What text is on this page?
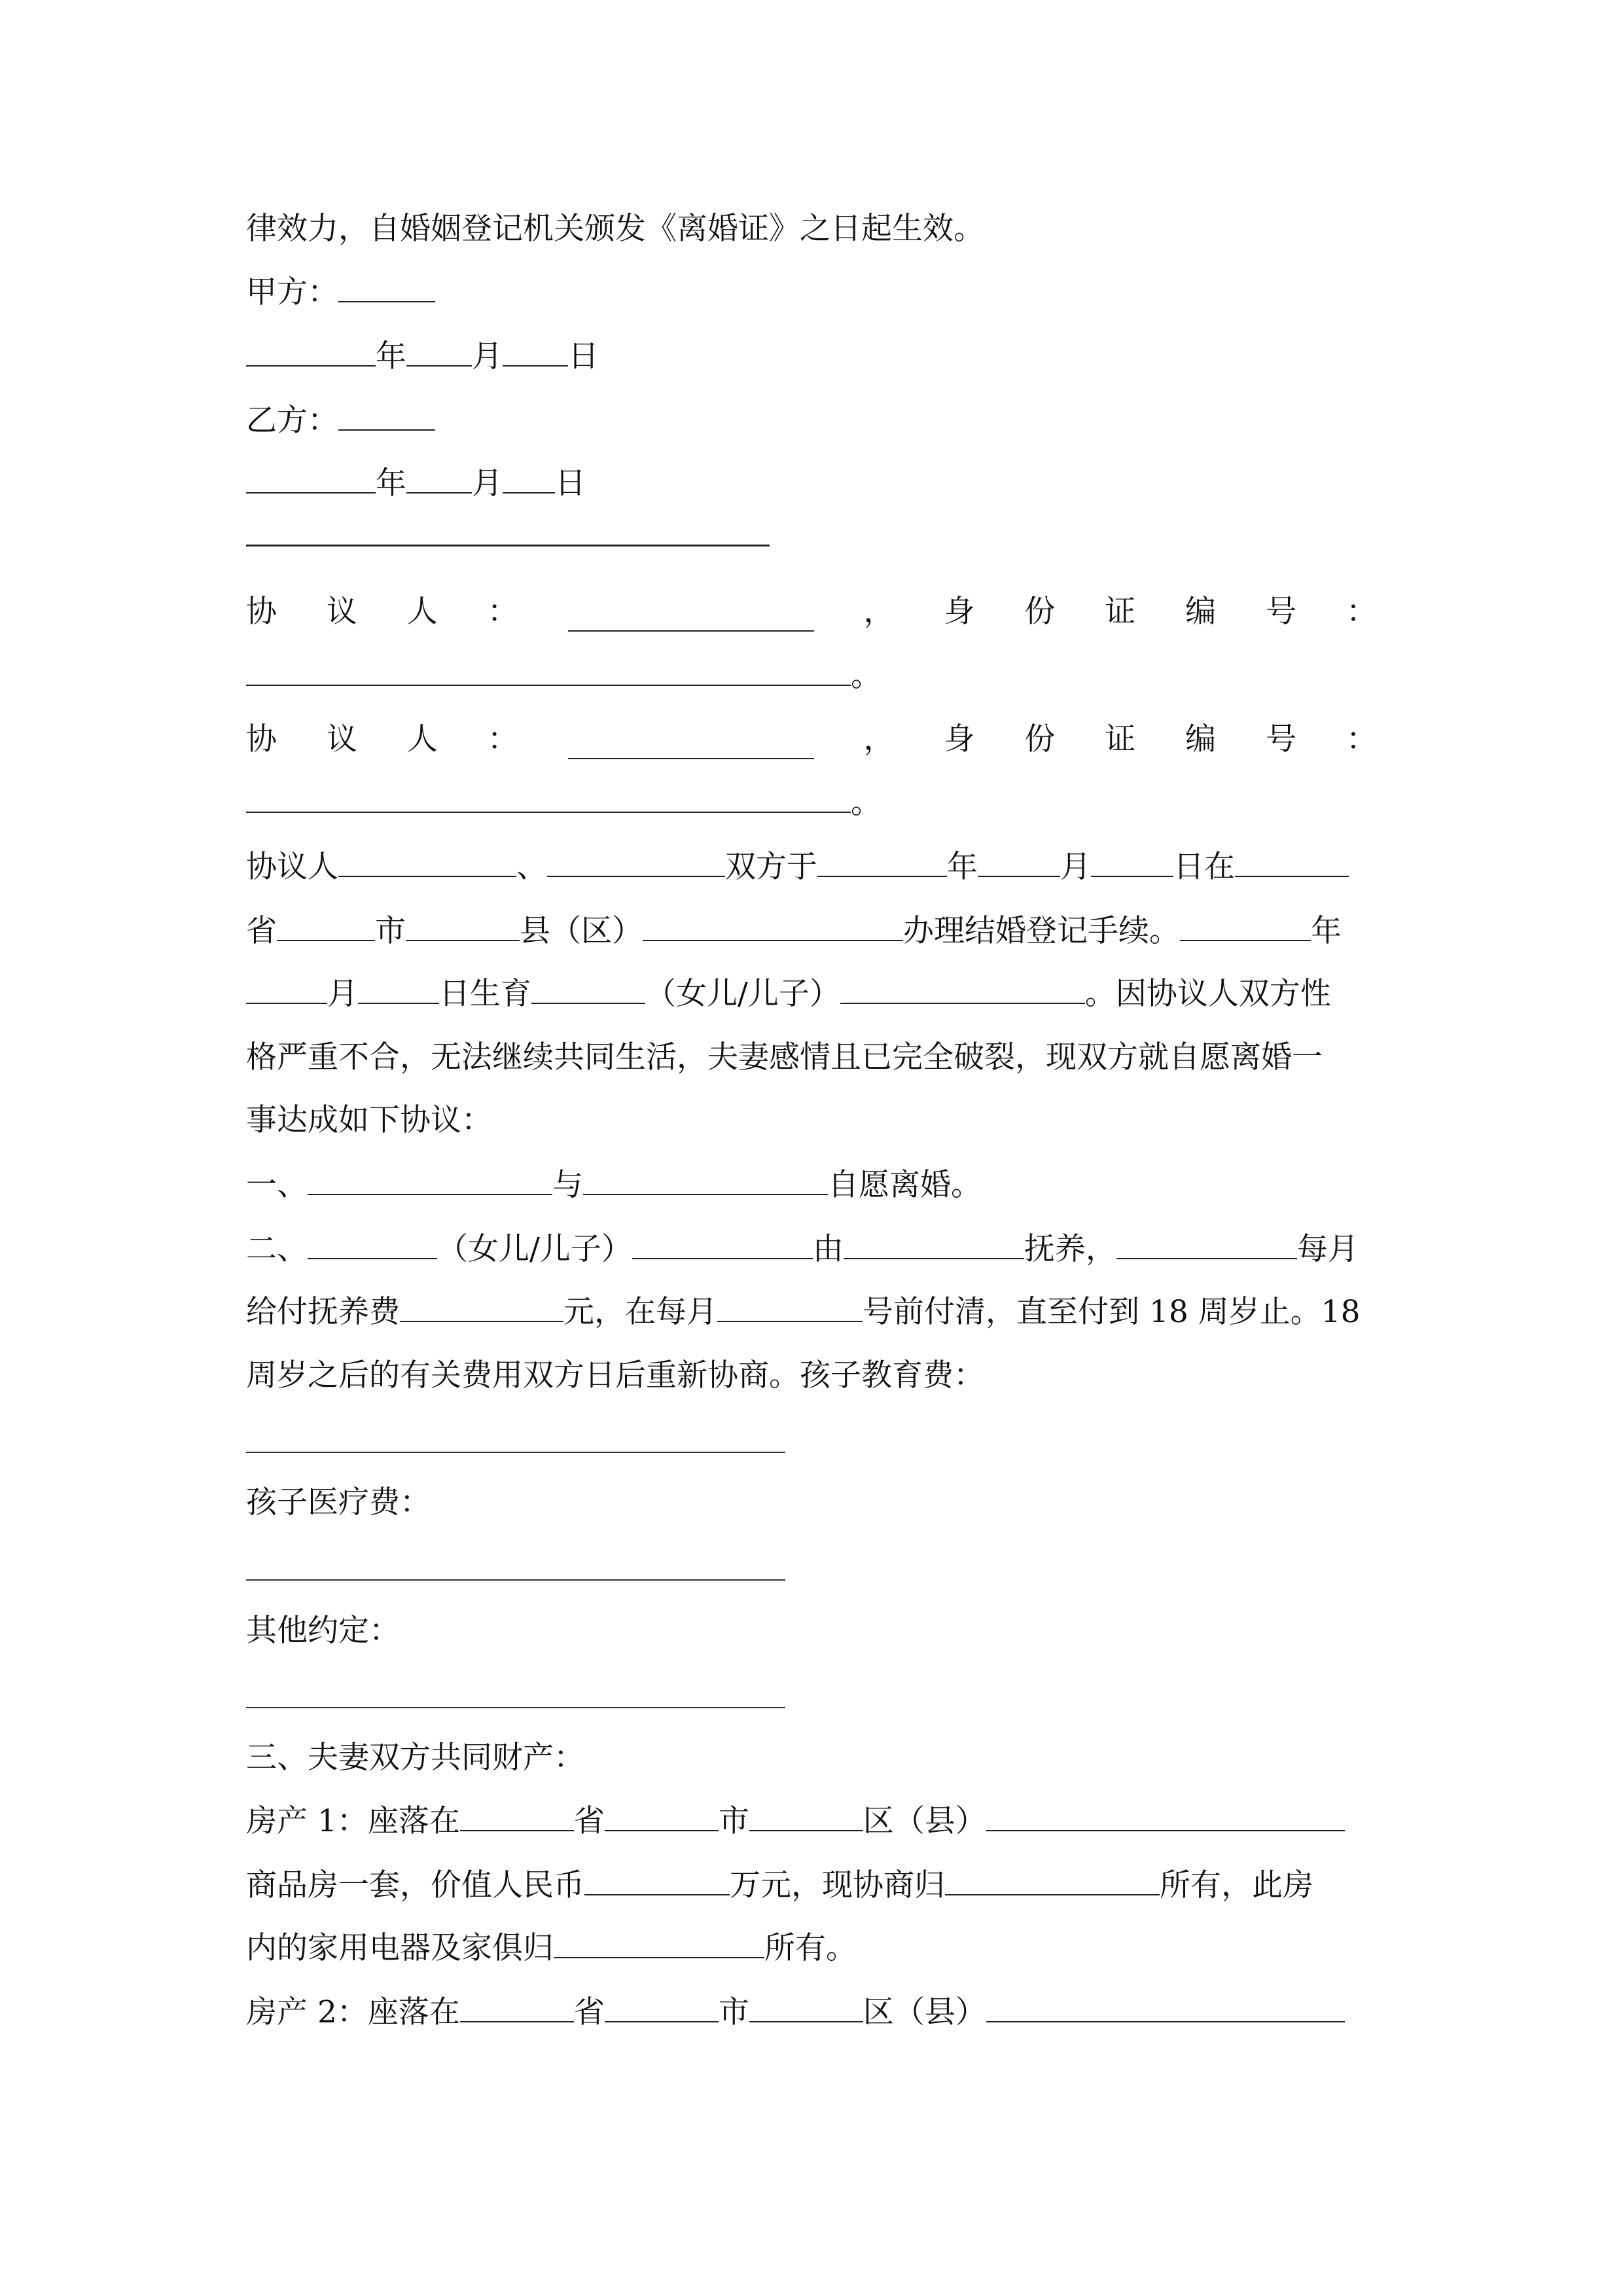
律效力，自婚姻登记机关颁发《离婚证》之日起生效。
甲方：
年 月 日
乙方：
年 月 日
协 议 人 ：	， 身 份 证 编 号 ：
。
协 议 人 ：	， 身 份 证 编 号 ：
。
协议人	、	双方于	年	月	日在
省	市	县（区）	办理结婚登记手续。	年
月	日生育	（女儿/儿子）	。因协议人双方性
格严重不合，无法继续共同生活，夫妻感情且已完全破裂，现双方就自愿离婚一
事达成如下协议：
一、	与	自愿离婚。
二、	（女儿/儿子）	由	抚养，	每月
给付抚养费	元，在每月	号前付清，直至付到 18 周岁止。18
周岁之后的有关费用双方日后重新协商。孩子教育费：
孩子医疗费：
其他约定：
三、夫妻双方共同财产：
房产 1：座落在	省	市	区（县）
商品房一套，价值人民币	万元，现协商归	所有，此房
内的家用电器及家俱归	所有。
房产 2：座落在	省	市	区（县）
